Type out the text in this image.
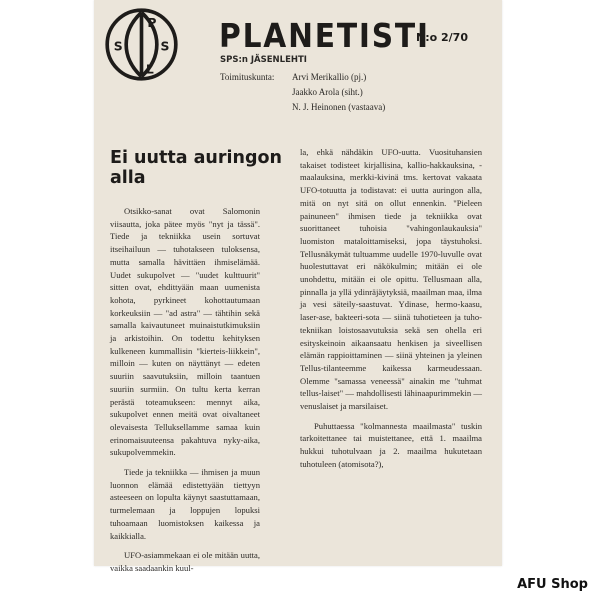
P
S S
L
PLANETISTI
N:o 2/70
SPS:n JÄSENLEHTI
Toimituskunta: Arvi Merikallio (pj.)
Jaakko Arola (siht.)
N. J. Heinonen (vastaava)
Ei uutta auringon alla

Otsikko-sanat ovat Salomonin viisautta, joka pätee myös "nyt ja tässä". Tiede ja tekniikka usein sortuvat itseihailuun — tuhotakseen tuloksensa, mutta samalla hävittäen ihmiselämää. Uudet sukupolvet — "uudet kulttuurit" sitten ovat, ehdittyään maan uumenista kohota, pyrkineet kohottautumaan korkeuksiin — "ad astra" — tähtihin sekä samalla kaivautuneet muinaistutkimuksiin ja arkistoihin. On todettu kehityksen kulkeneen kummallisin "kierteis-liikkein", milloin — kuten on näyttänyt — edeten suuriin saavutuksiin, milloin taantuen suuriin surmiin. On tultu kerta kerran perästä toteamukseen: mennyt aika, sukupolvet ennen meitä ovat oivaltaneet olevaisesta Telluksellamme samaa kuin erinomaisuuteensa pakahtuva nyky-aika, sukupolvemmekin.

Tiede ja tekniikka — ihmisen ja muun luonnon elämää edistettyään tiettyyn asteeseen on lopulta käynyt saastuttamaan, turmelemaan ja loppujen lopuksi tuhoamaan luomistoksen kaikessa ja kaikkialla.

UFO-asiammekaan ei ole mitään uutta, vaikka saadaankin kuul-

la, ehkä nähdäkin UFO-uutta. Vuosituhansien takaiset todisteet kirjallisina, kallio-hakkauksina, -maalauksina, merkki-kivinä tms. kertovat vakaata UFO-totuutta ja todistavat: ei uutta auringon alla, mitä on nyt sitä on ollut ennenkin. "Pieleen painuneen" ihmisen tiede ja tekniikka ovat suorittaneet tuhoisia "vahingonlaukauksia" luomiston mataloittamiseksi, jopa täystuhoksi. Tellusnäkymät tultuamme uudelle 1970-luvulle ovat huolestuttavat eri näkökulmin; mitään ei ole unohdettu, mitään ei ole opittu. Tellusmaan alla, pinnalla ja yllä ydinräjäytyksiä, maailman maa, ilma ja vesi säteily-saastuvat. Ydinase, hermo-kaasu, laser-ase, bakteeri-sota — siinä tuhotieteen ja tuho-tekniikan loistosaavutuksia sekä sen ohella eri esityskeinoin aikaansaatu henkisen ja siveellisen elämän rappioittaminen — siinä yhteinen ja yleinen Tellus-tilanteemme kaikessa karmeudessaan. Olemme "samassa veneessä" ainakin me "tuhmat tellus-laiset" — mahdollisesti lähinaapurimmekin — venuslaiset ja marsilaiset.

Puhuttaessa "kolmannesta maailmasta" tuskin tarkoitettanee tai muistettanee, että 1. maailma hukkui tuhotulvaan ja 2. maailma hukutetaan tuhotuleen (atomisota?),

AFU Shop
